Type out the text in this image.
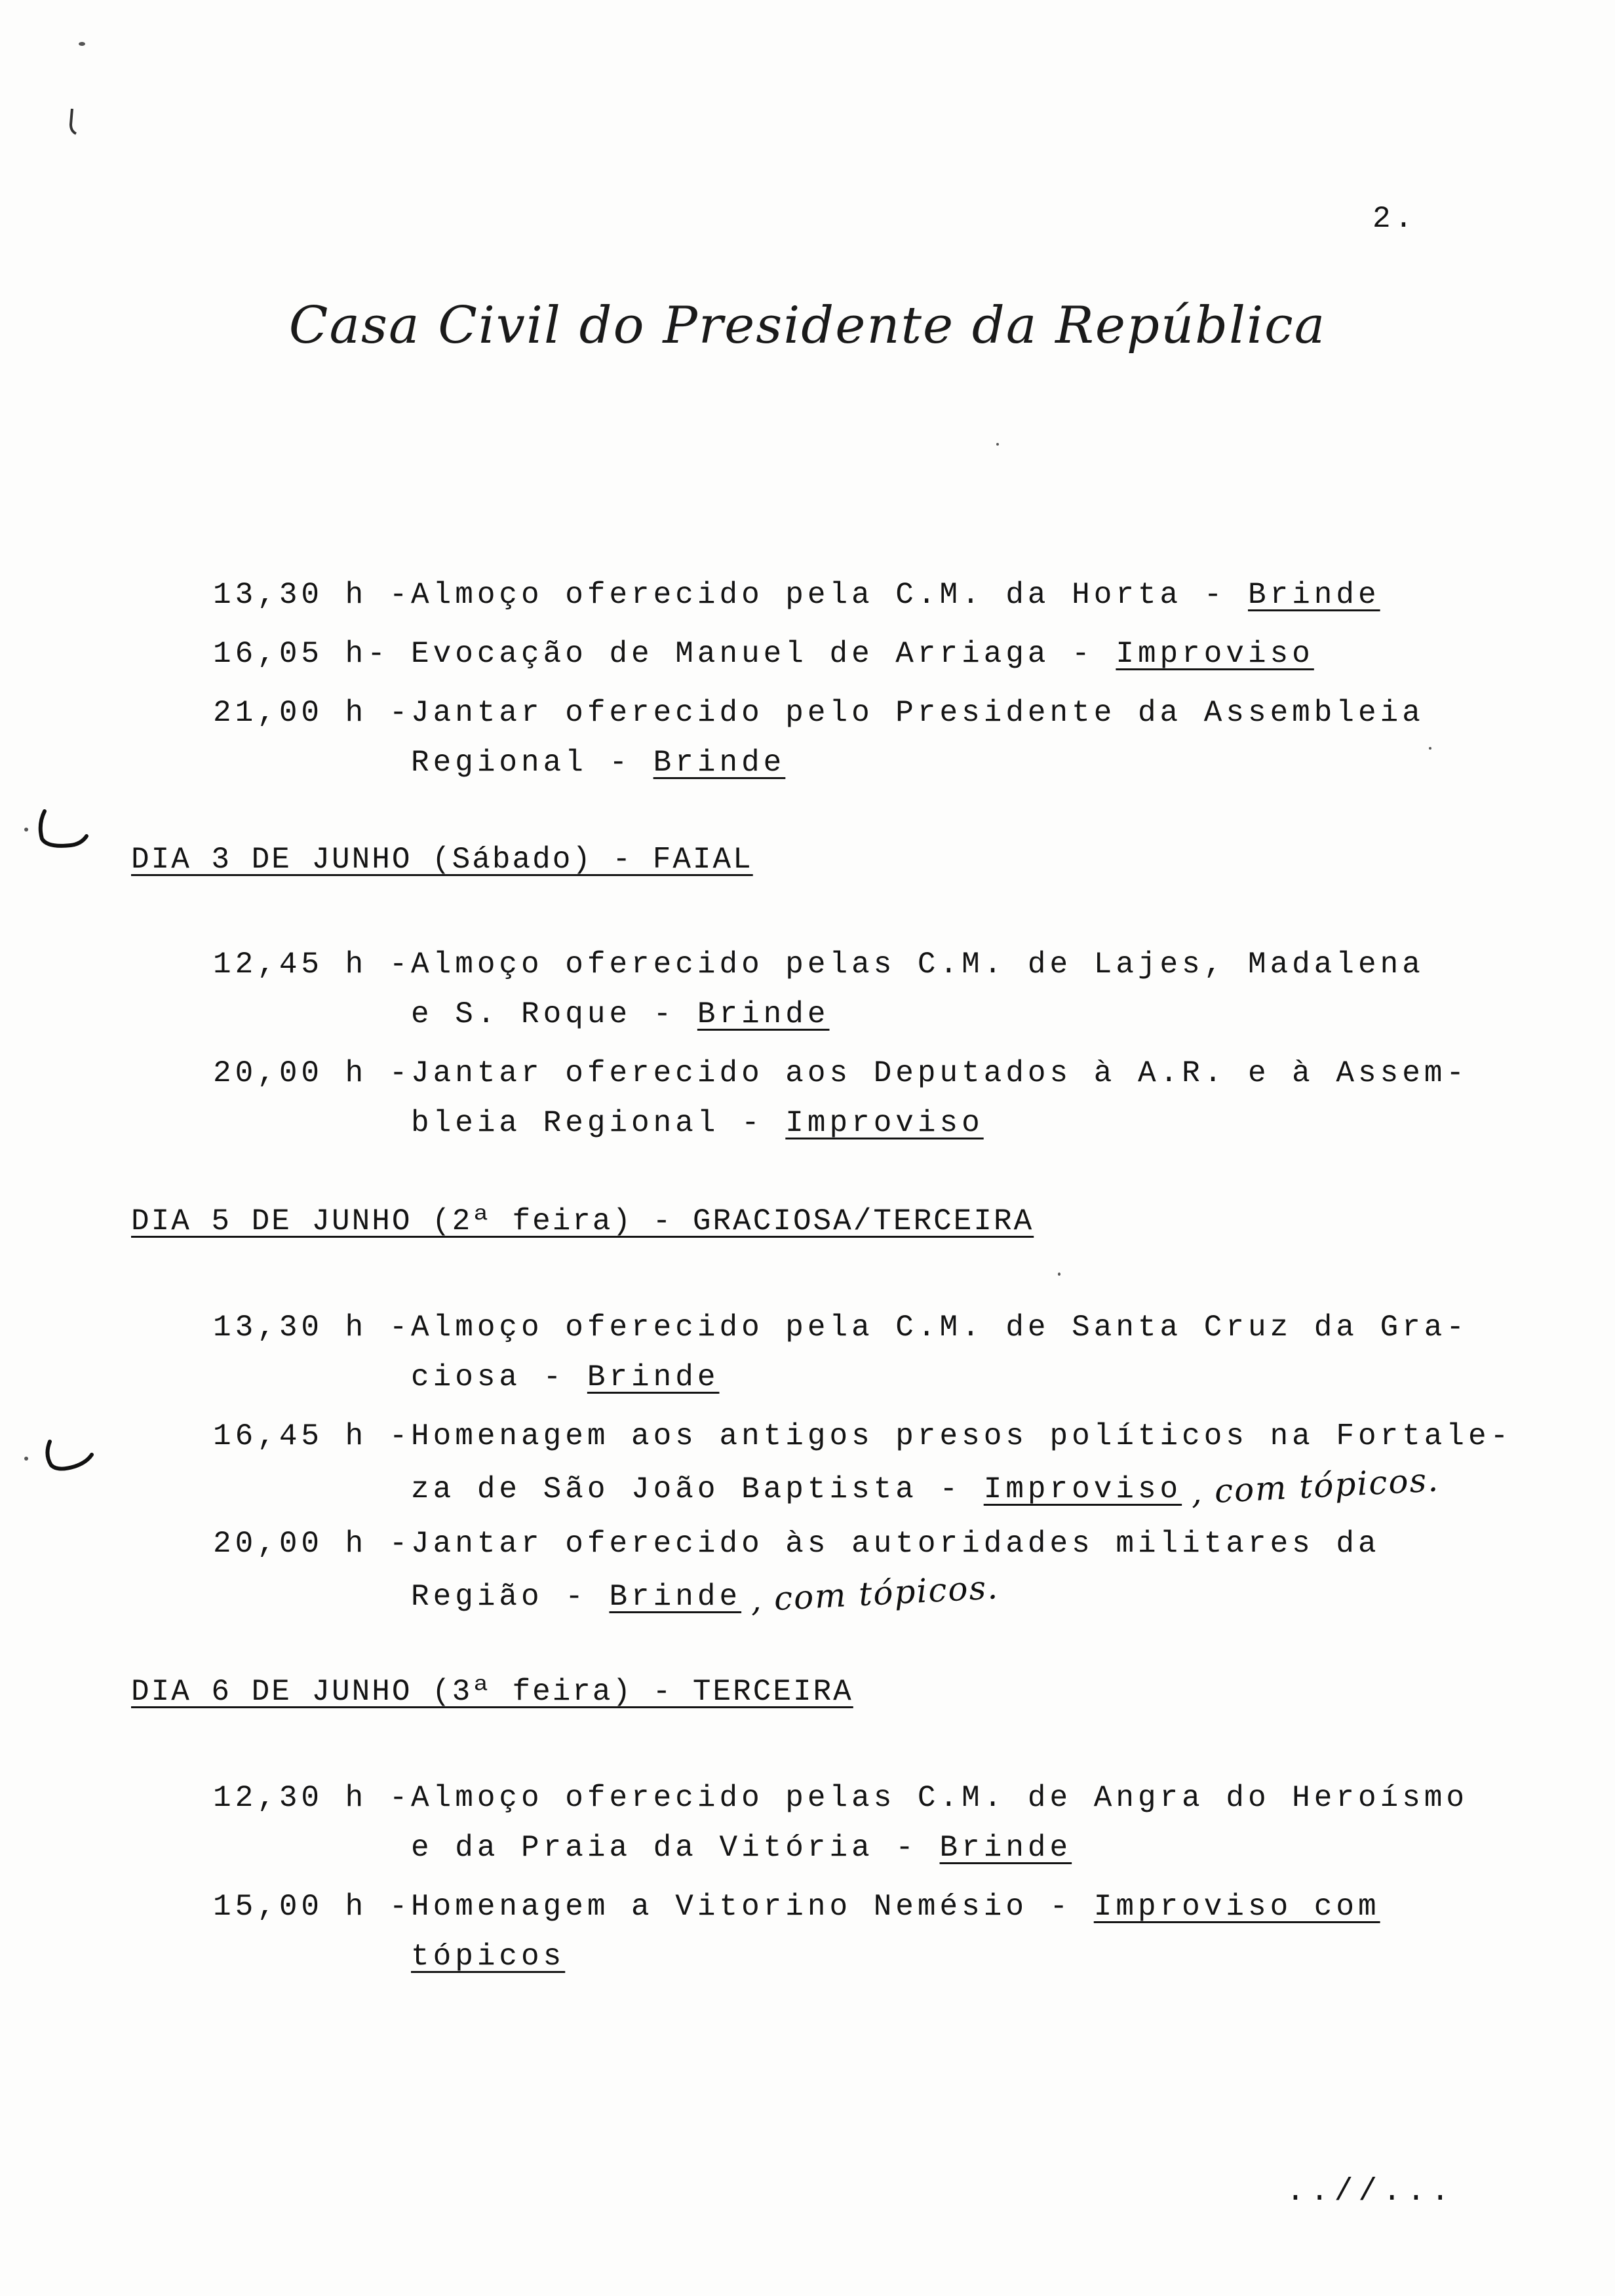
2.
Casa Civil do Presidente da República
13,30 h - Almoço oferecido pela C.M. da Horta - Brinde
16,05 h- Evocação de Manuel de Arriaga - Improviso
21,00 h - Jantar oferecido pelo Presidente da Assembleia
Regional - Brinde
DIA 3 DE JUNHO (Sábado) - FAIAL
12,45 h - Almoço oferecido pelas C.M. de Lajes, Madalena
e S. Roque - Brinde
20,00 h - Jantar oferecido aos Deputados à A.R. e à Assem-
bleia Regional - Improviso
DIA 5 DE JUNHO (2ª feira) - GRACIOSA/TERCEIRA
13,30 h - Almoço oferecido pela C.M. de Santa Cruz da Gra-
ciosa - Brinde
16,45 h - Homenagem aos antigos presos políticos na Fortale-
za de São João Baptista - Improviso , com tópicos.
20,00 h - Jantar oferecido às autoridades militares da
Região - Brinde , com tópicos.
DIA 6 DE JUNHO (3ª feira) - TERCEIRA
12,30 h - Almoço oferecido pelas C.M. de Angra do Heroísmo
e da Praia da Vitória - Brinde
15,00 h - Homenagem a Vitorino Nemésio - Improviso com
tópicos
..//...
